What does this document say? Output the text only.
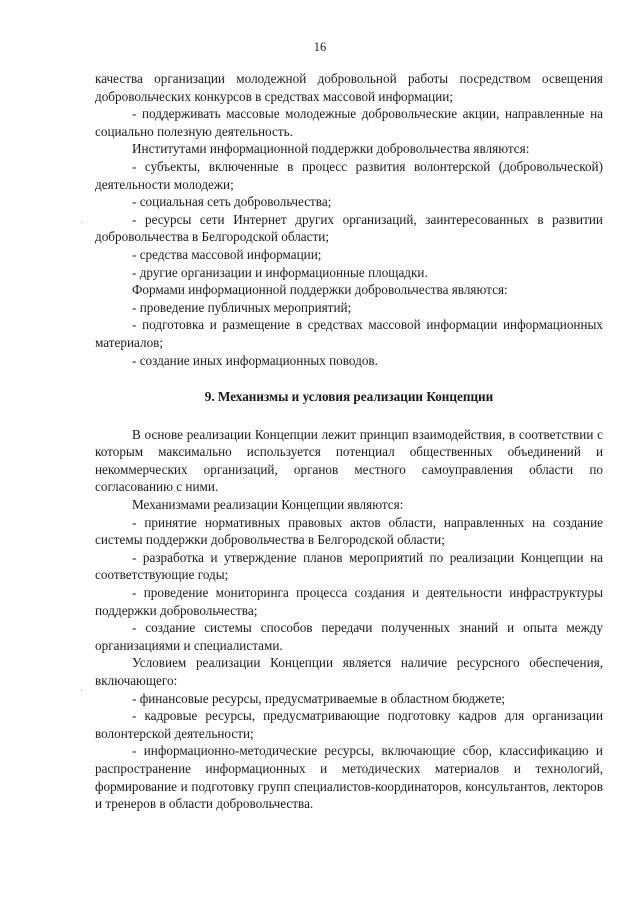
16
·
·

качества организации молодежной добровольной работы посредством освещения добровольческих конкурсов в средствах массовой информации;

- поддерживать массовые молодежные добровольческие акции, направленные на социально полезную деятельность.

Институтами информационной поддержки добровольчества являются:

- субъекты, включенные в процесс развития волонтерской (добровольческой) деятельности молодежи;

- социальная сеть добровольчества;

- ресурсы сети Интернет других организаций, заинтересованных в развитии добровольчества в Белгородской области;

- средства массовой информации;

- другие организации и информационные площадки.

Формами информационной поддержки добровольчества являются:

- проведение публичных мероприятий;

- подготовка и размещение в средствах массовой информации информационных материалов;

- создание иных информационных поводов.

9. Механизмы и условия реализации Концепции

В основе реализации Концепции лежит принцип взаимодействия, в соответствии с которым максимально используется потенциал общественных объединений и некоммерческих организаций, органов местного самоуправления области по согласованию с ними.

Механизмами реализации Концепции являются:

- принятие нормативных правовых актов области, направленных на создание системы поддержки добровольчества в Белгородской области;

- разработка и утверждение планов мероприятий по реализации Концепции на соответствующие годы;

- проведение мониторинга процесса создания и деятельности инфраструктуры поддержки добровольчества;

- создание системы способов передачи полученных знаний и опыта между организациями и специалистами.

Условием реализации Концепции является наличие ресурсного обеспечения, включающего:

- финансовые ресурсы, предусматриваемые в областном бюджете;

- кадровые ресурсы, предусматривающие подготовку кадров для организации волонтерской деятельности;

- информационно-методические ресурсы, включающие сбор, классификацию и распространение информационных и методических материалов и технологий, формирование и подготовку групп специалистов-координаторов, консультантов, лекторов и тренеров в области добровольчества.
